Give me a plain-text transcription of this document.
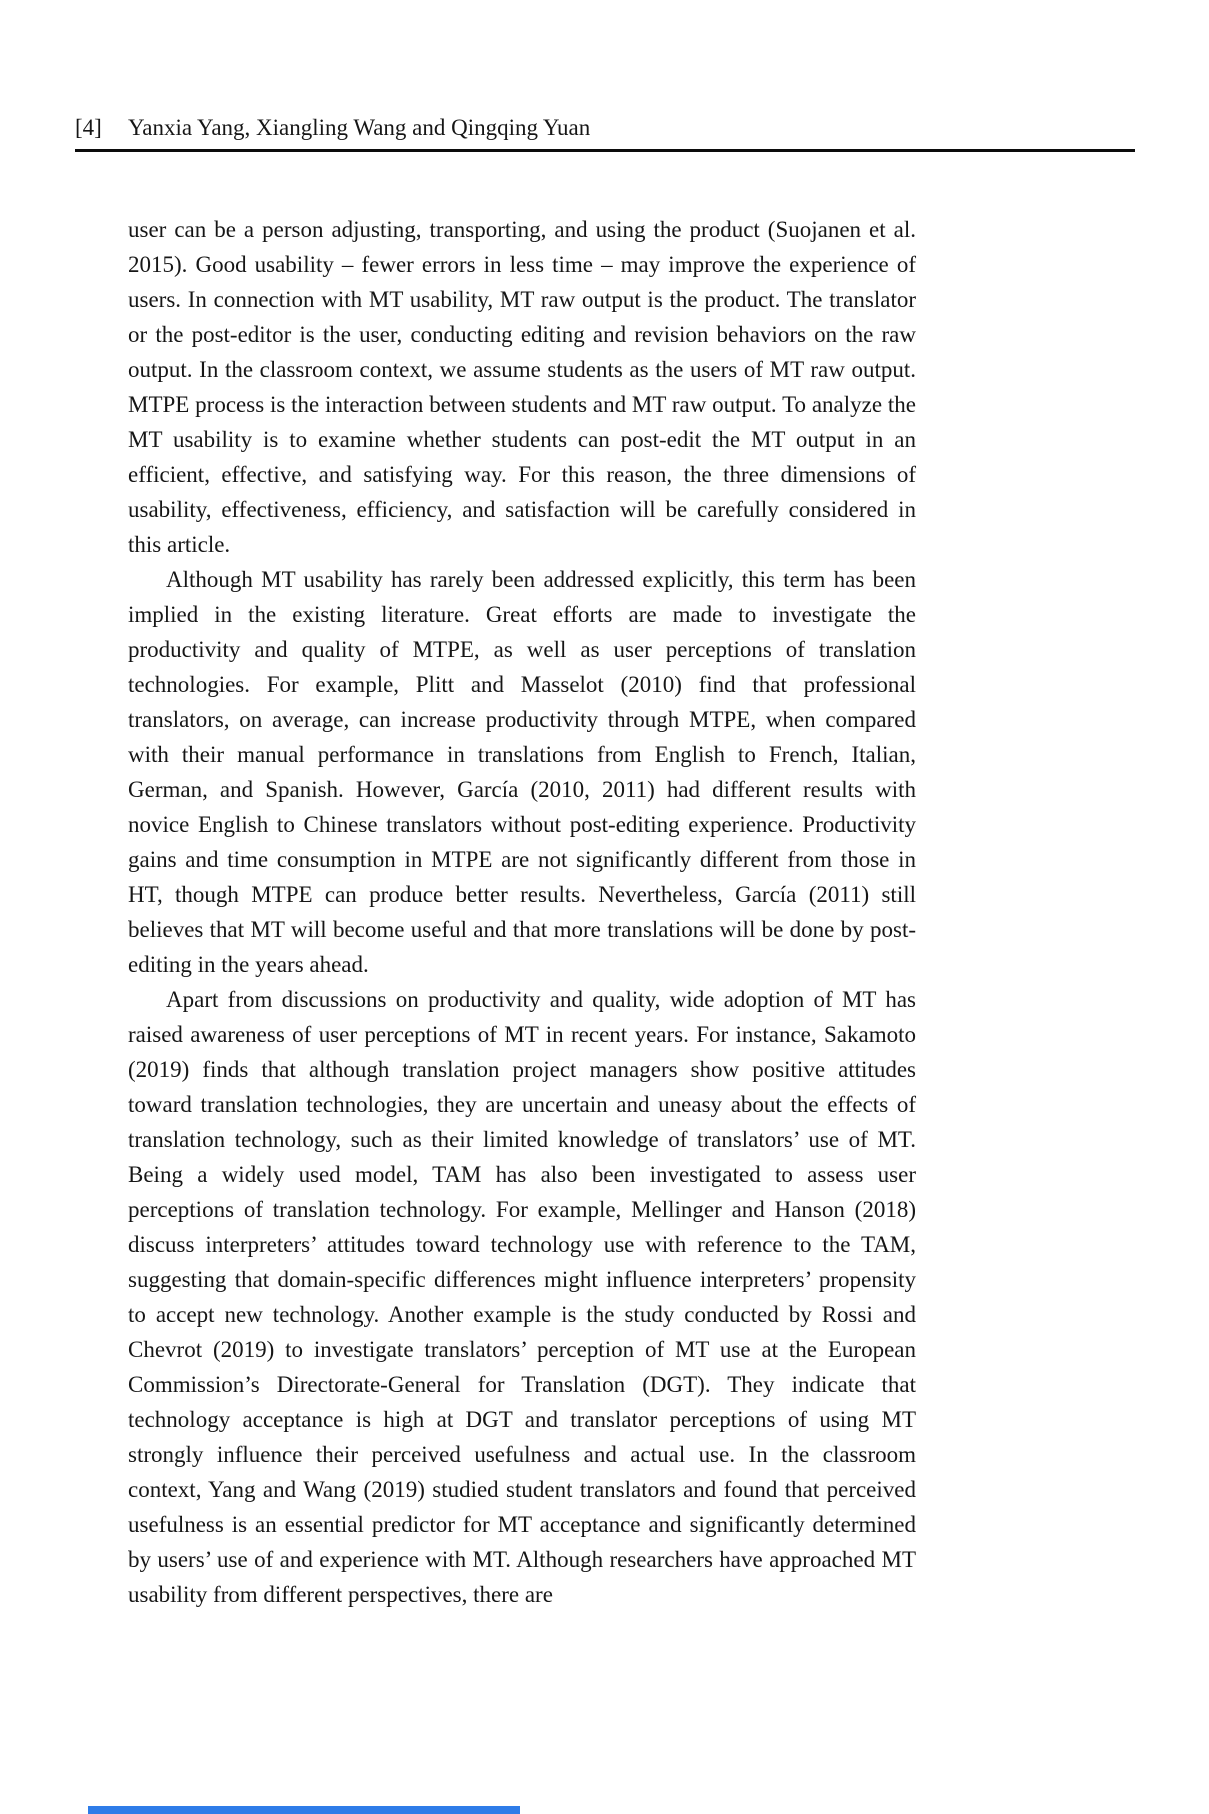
[4] Yanxia Yang, Xiangling Wang and Qingqing Yuan

user can be a person adjusting, transporting, and using the product (Suojanen et al. 2015). Good usability – fewer errors in less time – may improve the experience of users. In connection with MT usability, MT raw output is the product. The translator or the post-editor is the user, conducting editing and revision behaviors on the raw output. In the classroom context, we assume students as the users of MT raw output. MTPE process is the interaction between students and MT raw output. To analyze the MT usability is to examine whether students can post-edit the MT output in an efficient, effective, and satisfying way. For this reason, the three dimensions of usability, effectiveness, efficiency, and satisfaction will be carefully considered in this article.

Although MT usability has rarely been addressed explicitly, this term has been implied in the existing literature. Great efforts are made to investigate the productivity and quality of MTPE, as well as user perceptions of translation technologies. For example, Plitt and Masselot (2010) find that professional translators, on average, can increase productivity through MTPE, when compared with their manual performance in translations from English to French, Italian, German, and Spanish. However, García (2010, 2011) had different results with novice English to Chinese translators without post-editing experience. Productivity gains and time consumption in MTPE are not significantly different from those in HT, though MTPE can produce better results. Nevertheless, García (2011) still believes that MT will become useful and that more translations will be done by post-editing in the years ahead.

Apart from discussions on productivity and quality, wide adoption of MT has raised awareness of user perceptions of MT in recent years. For instance, Sakamoto (2019) finds that although translation project managers show positive attitudes toward translation technologies, they are uncertain and uneasy about the effects of translation technology, such as their limited knowledge of translators’ use of MT. Being a widely used model, TAM has also been investigated to assess user perceptions of translation technology. For example, Mellinger and Hanson (2018) discuss interpreters’ attitudes toward technology use with reference to the TAM, suggesting that domain-specific differences might influence interpreters’ propensity to accept new technology. Another example is the study conducted by Rossi and Chevrot (2019) to investigate translators’ perception of MT use at the European Commission’s Directorate-General for Translation (DGT). They indicate that technology acceptance is high at DGT and translator perceptions of using MT strongly influence their perceived usefulness and actual use. In the classroom context, Yang and Wang (2019) studied student translators and found that perceived usefulness is an essential predictor for MT acceptance and significantly determined by users’ use of and experience with MT. Although researchers have approached MT usability from different perspectives, there are
